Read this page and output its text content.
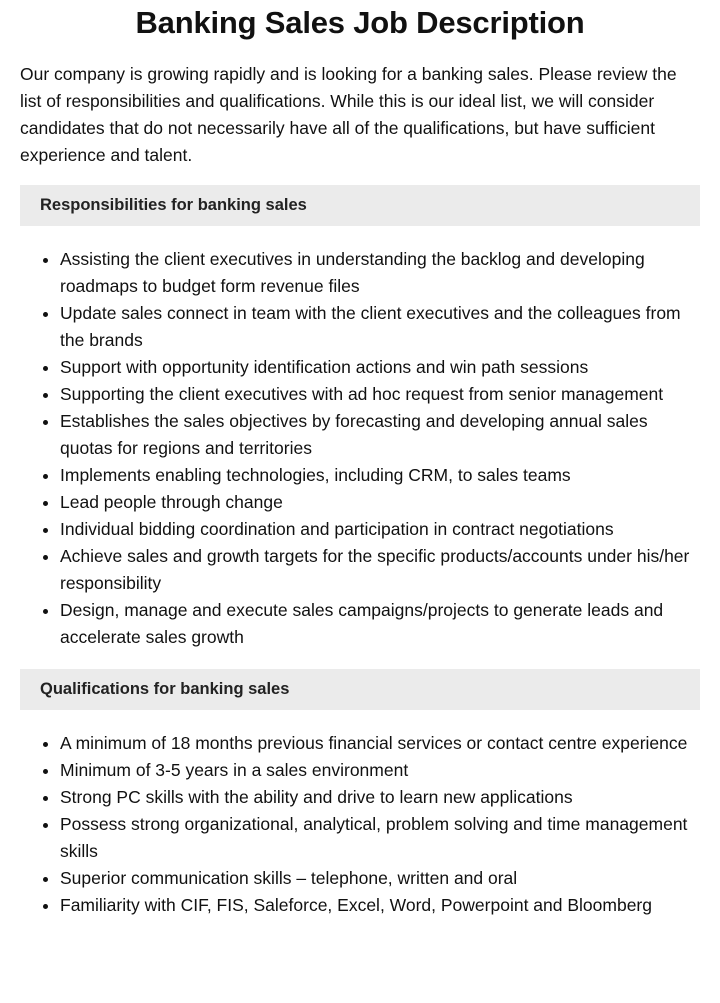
Banking Sales Job Description

Our company is growing rapidly and is looking for a banking sales. Please review the list of responsibilities and qualifications. While this is our ideal list, we will consider candidates that do not necessarily have all of the qualifications, but have sufficient experience and talent.

Responsibilities for banking sales
• Assisting the client executives in understanding the backlog and developing roadmaps to budget form revenue files
• Update sales connect in team with the client executives and the colleagues from the brands
• Support with opportunity identification actions and win path sessions
• Supporting the client executives with ad hoc request from senior management
• Establishes the sales objectives by forecasting and developing annual sales quotas for regions and territories
• Implements enabling technologies, including CRM, to sales teams
• Lead people through change
• Individual bidding coordination and participation in contract negotiations
• Achieve sales and growth targets for the specific products/accounts under his/her responsibility
• Design, manage and execute sales campaigns/projects to generate leads and accelerate sales growth
Qualifications for banking sales
• A minimum of 18 months previous financial services or contact centre experience
• Minimum of 3-5 years in a sales environment
• Strong PC skills with the ability and drive to learn new applications
• Possess strong organizational, analytical, problem solving and time management skills
• Superior communication skills – telephone, written and oral
• Familiarity with CIF, FIS, Saleforce, Excel, Word, Powerpoint and Bloomberg
